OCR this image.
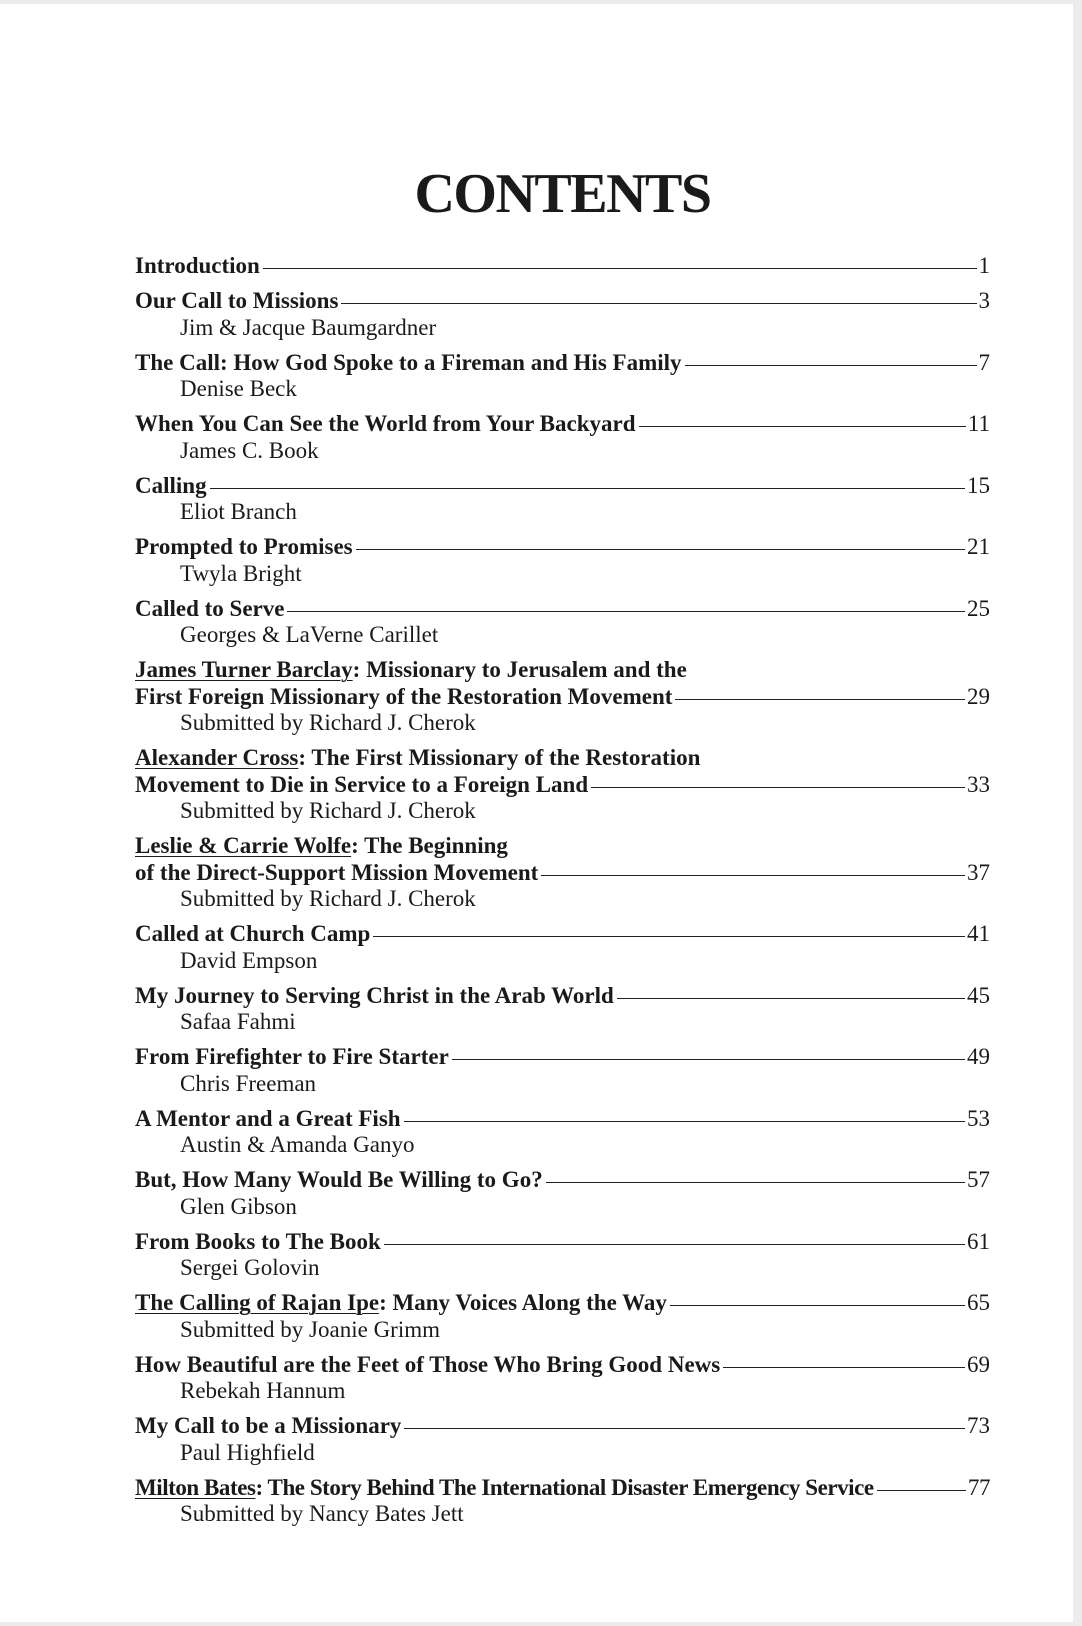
CONTENTS
Introduction	1
Our Call to Missions	3
Jim & Jacque Baumgardner
The Call: How God Spoke to a Fireman and His Family	7
Denise Beck
When You Can See the World from Your Backyard	11
James C. Book
Calling	15
Eliot Branch
Prompted to Promises	21
Twyla Bright
Called to Serve	25
Georges & LaVerne Carillet
James Turner Barclay: Missionary to Jerusalem and the
First Foreign Missionary of the Restoration Movement	29
Submitted by Richard J. Cherok
Alexander Cross: The First Missionary of the Restoration
Movement to Die in Service to a Foreign Land	33
Submitted by Richard J. Cherok
Leslie & Carrie Wolfe: The Beginning
of the Direct-Support Mission Movement	37
Submitted by Richard J. Cherok
Called at Church Camp	41
David Empson
My Journey to Serving Christ in the Arab World	45
Safaa Fahmi
From Firefighter to Fire Starter	49
Chris Freeman
A Mentor and a Great Fish	53
Austin & Amanda Ganyo
But, How Many Would Be Willing to Go?	57
Glen Gibson
From Books to The Book	61
Sergei Golovin
The Calling of Rajan Ipe: Many Voices Along the Way	65
Submitted by Joanie Grimm
How Beautiful are the Feet of Those Who Bring Good News	69
Rebekah Hannum
My Call to be a Missionary	73
Paul Highfield
Milton Bates: The Story Behind The International Disaster Emergency Service	77
Submitted by Nancy Bates Jett
